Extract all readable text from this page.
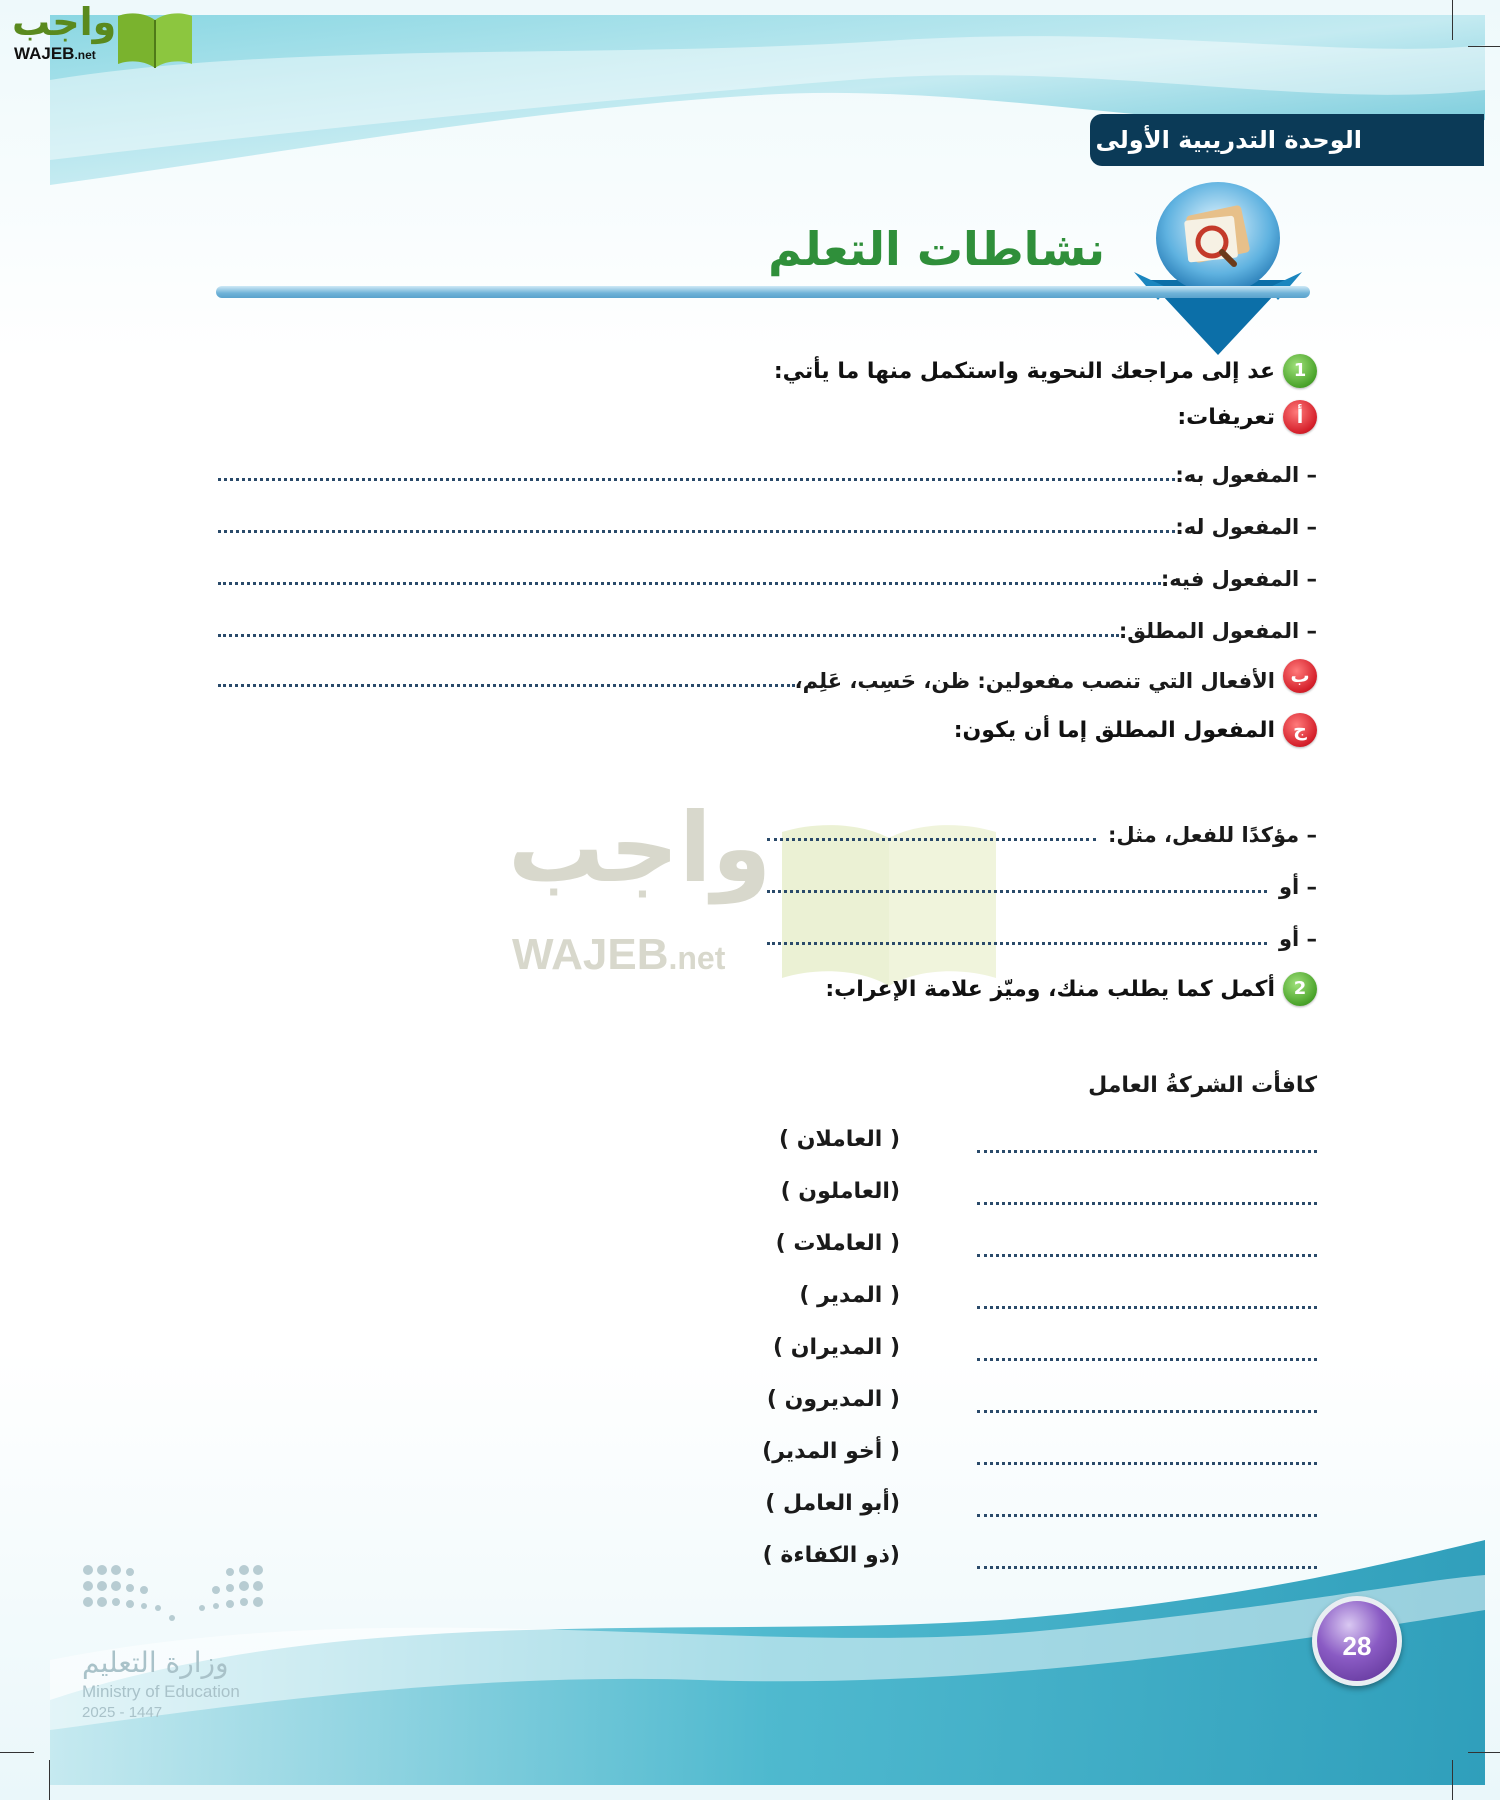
واجب
WAJEB.net
الوحدة التدريبية الأولى
نشاطات التعلم
واجب
WAJEB.net
1
عد إلى مراجعك النحوية واستكمل منها ما يأتي:
أ
تعريفات:
– المفعول به:
– المفعول له:
– المفعول فيه:
– المفعول المطلق:
ب
الأفعال التي تنصب مفعولين: ظن، حَسِب، عَلِم،
ج
المفعول المطلق إما أن يكون:
– مؤكدًا للفعل، مثل:
– أو
– أو
2
أكمل كما يطلب منك، وميّز علامة الإعراب:
كافأت الشركةُ العامل
( العاملان )
(العاملون )
( العاملات )
( المدير )
( المديران )
( المديرون )
( أخو المدير)
(أبو العامل )
(ذو الكفاءة )
وزارة التعليم
Ministry of Education
2025 - 1447
28
